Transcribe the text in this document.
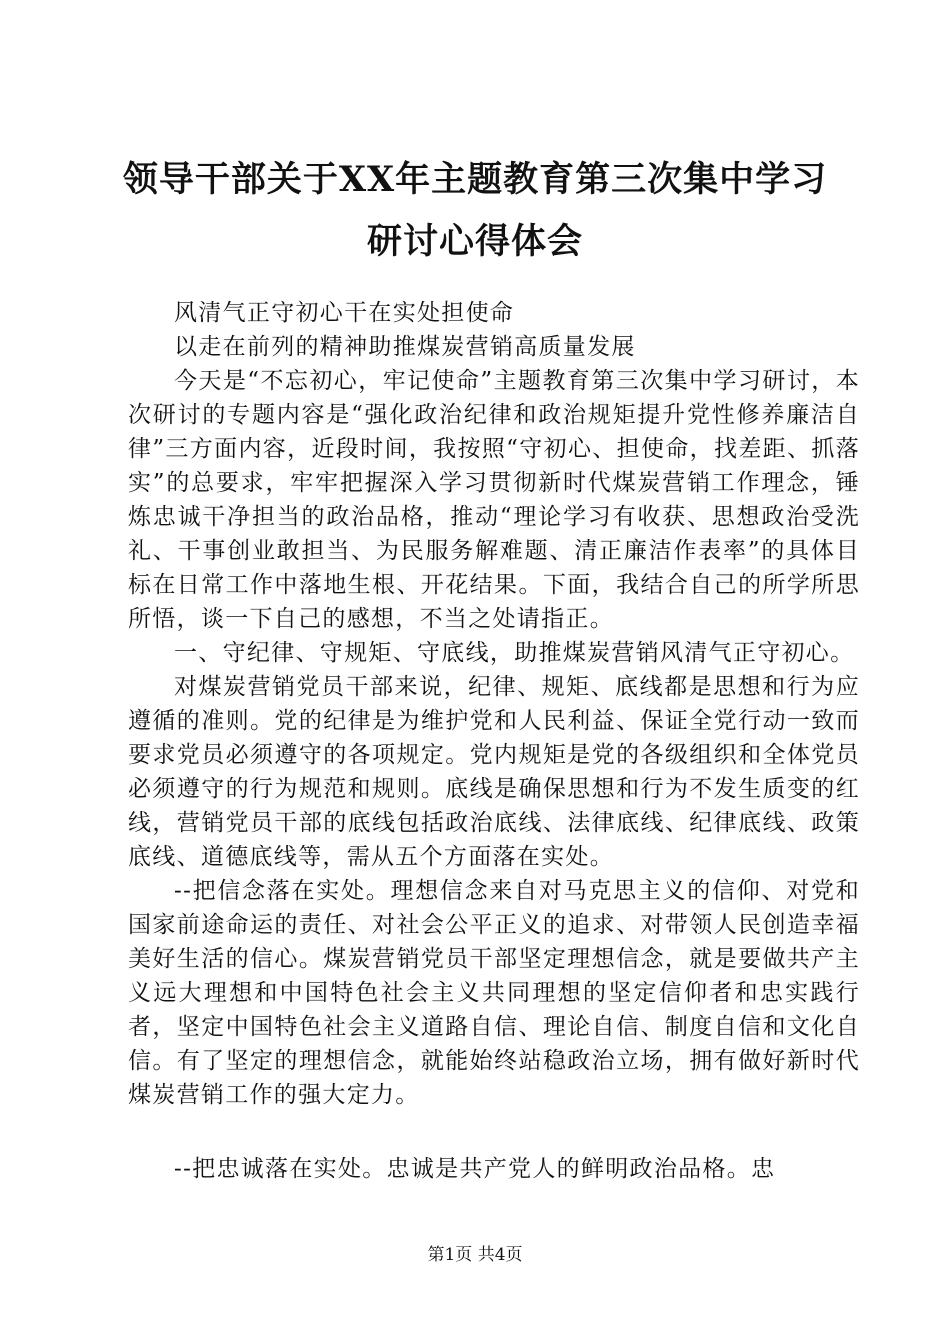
领导干部关于XX年主题教育第三次集中学习
研讨心得体会

风清气正守初心干在实处担使命

以走在前列的精神助推煤炭营销高质量发展

今天是“不忘初心，牢记使命”主题教育第三次集中学习研讨，本次研讨的专题内容是“强化政治纪律和政治规矩提升党性修养廉洁自律”三方面内容，近段时间，我按照“守初心、担使命，找差距、抓落实”的总要求，牢牢把握深入学习贯彻新时代煤炭营销工作理念，锤炼忠诚干净担当的政治品格，推动“理论学习有收获、思想政治受洗礼、干事创业敢担当、为民服务解难题、清正廉洁作表率”的具体目标在日常工作中落地生根、开花结果。下面，我结合自己的所学所思所悟，谈一下自己的感想，不当之处请指正。

一、守纪律、守规矩、守底线，助推煤炭营销风清气正守初心。

对煤炭营销党员干部来说，纪律、规矩、底线都是思想和行为应遵循的准则。党的纪律是为维护党和人民利益、保证全党行动一致而要求党员必须遵守的各项规定。党内规矩是党的各级组织和全体党员必须遵守的行为规范和规则。底线是确保思想和行为不发生质变的红线，营销党员干部的底线包括政治底线、法律底线、纪律底线、政策底线、道德底线等，需从五个方面落在实处。

--把信念落在实处。理想信念来自对马克思主义的信仰、对党和国家前途命运的责任、对社会公平正义的追求、对带领人民创造幸福美好生活的信心。煤炭营销党员干部坚定理想信念，就是要做共产主义远大理想和中国特色社会主义共同理想的坚定信仰者和忠实践行者，坚定中国特色社会主义道路自信、理论自信、制度自信和文化自信。有了坚定的理想信念，就能始终站稳政治立场，拥有做好新时代煤炭营销工作的强大定力。

--把忠诚落在实处。忠诚是共产党人的鲜明政治品格。忠

第1页 共4页
